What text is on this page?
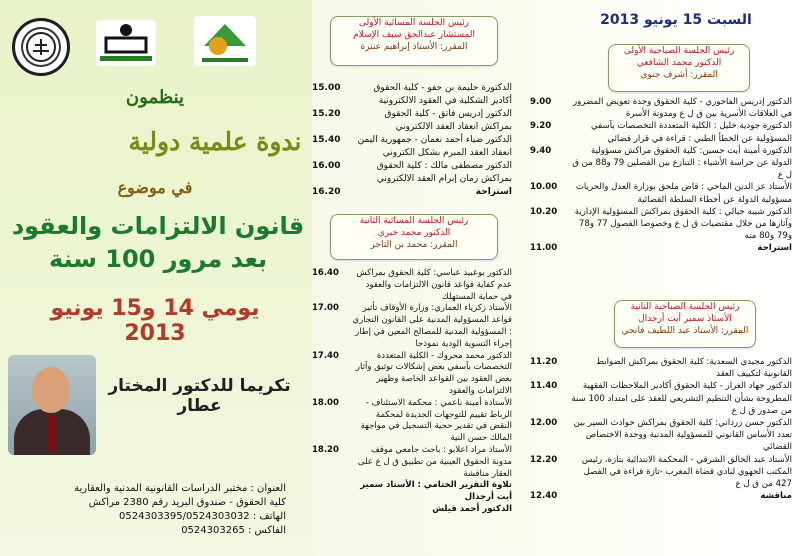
ينظمون
ندوة علمية دولية
في موضوع
قانون الالتزامات والعقود
بعد مرور 100 سنة
يومي 14 و15 يونيو 2013
تكريما للدكتور المختار عطار
العنوان : مختبر الدراسات القانونية المدنية والعقارية
كلية الحقوق - صندوق البريد رقم 2380 مراكش
الهاتف : 0524303395/0524303032
الفاكس : 0524303265
رئيس الجلسة المسائية الأولى
المستشار عبدالحق سيف الإسلام
المقرر: الأستاذ إبراهيم عنترة
الدكتورة حليمة بن حفو - كلية الحقوق أكادير الشكلية في العقود الالكترونية
15.00
الدكتور إدريس فاتق - كلية الحقوق بمراكش انعقاد العقد الالكتروني
15.20
الدكتور ضياء أحمد نعمان - جمهورية اليمن انعقاد العقد المبرم بشكل الكتروني
15.40
الدكتور مصطفى مالك : كلية الحقوق بمراكش زمان إبرام العقد الالكتروني
16.00
استراحة
16.20
رئيس الجلسة المسائية الثانية
الدكتور محمد خيري
المقرر: محمد بن التاجر
الدكتور بوعبيد عباسي: كلية الحقوق بمراكش عدم كفاية قواعد قانون الالتزامات والعقود في حماية المستهلك
16.40
الأستاذ زكرياء العماري: وزارة الأوقاف تأثير قواعد المسؤولية المدنية على القانون التجاري : المسؤولية المدنية للمصالح المعين في إطار إجراء التسوية الودية نموذجا
17.00
الدكتور محمد محروك - الكلية المتعددة التخصصات بآسفي بعض إشكالات توثيق وآثار بعض العقود بين القواعد الخاصة وظهير الالتزامات والعقود
17.40
الأستاذة أمينة ناعمي : محكمة الاستئناف - الرباط تقييم للتوجهات الجديدة لمحكمة النقض في تقدير حجية التسجيل في مواجهة المالك حسن النية
18.00
الأستاذ مراد اعلابو : باحث جامعي موقف مدونة الحقوق العينية من تطبيق ق ل ع على العقار مناقشة
18.20
تلاوة التقرير الختامي : الأستاذ سمير أيت أرجدال
الدكتور أحمد قيلش
السبت 15 يونيو 2013
رئيس الجلسة الصباحية الأولى
الدكتور محمد الشافعي
المقرر: أشرف جنوي
الدكتور إدريس الفاخوري - كلية الحقوق وجدة تعويض المضرور في العلاقات الأسرية بين ق ل ع ومدونة الأسرة
9.00
الدكتورة جودية خليل : الكلية المتعددة التخصصات بآسفي المسؤولية عن الخطأ الطبي : قراءة في قرار قضائي
9.20
الدكتورة أمينة أيت حسين: كلية الحقوق مراكش مسؤولية الدولة عن حراسة الأشياء : التنازع بين الفصلين 79 و88 من ق ل ع
9.40
الأستاذ عز الدين الماحي : قاض ملحق بوزارة العدل والحريات مسؤولية الدولة عن أخطاء السلطة القضائية
10.00
الدكتور شيبه جبالي : كلية الحقوق بمراكش المسؤولية الإدارية وآثارها من خلال مقتضيات ق ل ع وخصوصا الفصول 77 و78 و79 و80 منه
10.20
استراحة
11.00
رئيس الجلسة الصباحية الثانية
الأستاذ سمير أيت أرجدال
المقرر: الأستاذ عبد اللطيف فانجي
الدكتور مجيدي السعدية: كلية الحقوق بمراكش الضوابط القانونية لتكييف العقد
11.20
الدكتور جهاد الغرار - كلية الحقوق أكادير الملاحظات الفقهية المطروحة بشأن التنظيم التشريعي للعقد على امتداد 100 سنة من صدور ق ل ع
11.40
الدكتور حسن زرداني: كلية الحقوق بمراكش حوادث السير بين تعدد الأساس القانوني للمسؤولية المدنية ووحدة الاختصاص القضائي
12.00
الأستاذ عبد الخالق الشرقي - المحكمة الابتدائية بتازة، رئيس المكتب الجهوي لنادي قضاة المغرب -تازة قراءة في الفصل 427 من ق ل ع
12.20
مناقشة
12.40
